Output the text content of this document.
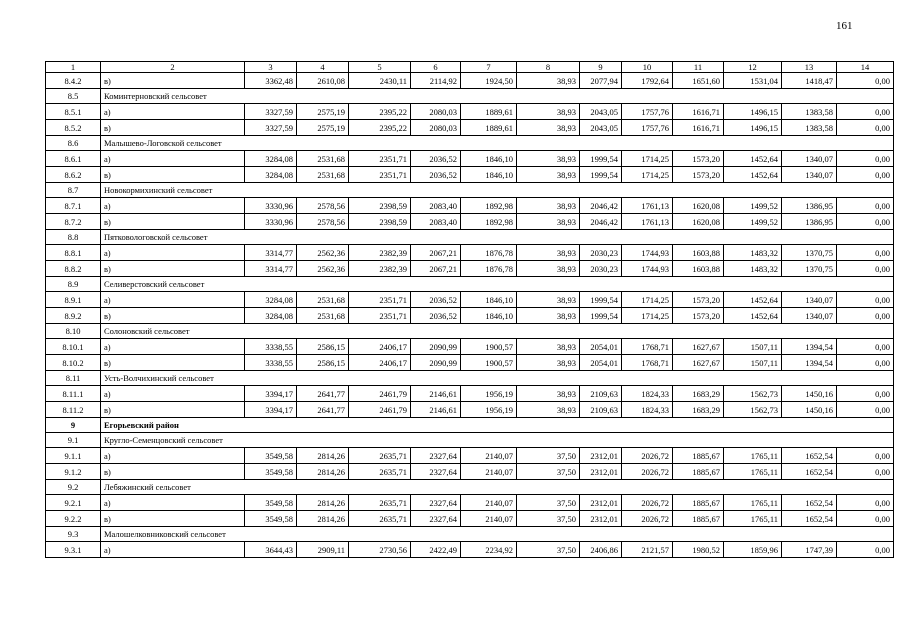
161
1	2	3	4	5	6	7	8	9	10	11	12	13	14
8.4.2	в)	3362,48	2610,08	2430,11	2114,92	1924,50	38,93	2077,94	1792,64	1651,60	1531,04	1418,47	0,00
8.5	Коминтерновский сельсовет												
8.5.1	а)	3327,59	2575,19	2395,22	2080,03	1889,61	38,93	2043,05	1757,76	1616,71	1496,15	1383,58	0,00
8.5.2	в)	3327,59	2575,19	2395,22	2080,03	1889,61	38,93	2043,05	1757,76	1616,71	1496,15	1383,58	0,00
8.6	Малышево-Логовской сельсовет												
8.6.1	а)	3284,08	2531,68	2351,71	2036,52	1846,10	38,93	1999,54	1714,25	1573,20	1452,64	1340,07	0,00
8.6.2	в)	3284,08	2531,68	2351,71	2036,52	1846,10	38,93	1999,54	1714,25	1573,20	1452,64	1340,07	0,00
8.7	Новокормихинский сельсовет												
8.7.1	а)	3330,96	2578,56	2398,59	2083,40	1892,98	38,93	2046,42	1761,13	1620,08	1499,52	1386,95	0,00
8.7.2	в)	3330,96	2578,56	2398,59	2083,40	1892,98	38,93	2046,42	1761,13	1620,08	1499,52	1386,95	0,00
8.8	Пятковологовской сельсовет												
8.8.1	а)	3314,77	2562,36	2382,39	2067,21	1876,78	38,93	2030,23	1744,93	1603,88	1483,32	1370,75	0,00
8.8.2	в)	3314,77	2562,36	2382,39	2067,21	1876,78	38,93	2030,23	1744,93	1603,88	1483,32	1370,75	0,00
8.9	Селиверстовский сельсовет												
8.9.1	а)	3284,08	2531,68	2351,71	2036,52	1846,10	38,93	1999,54	1714,25	1573,20	1452,64	1340,07	0,00
8.9.2	в)	3284,08	2531,68	2351,71	2036,52	1846,10	38,93	1999,54	1714,25	1573,20	1452,64	1340,07	0,00
8.10	Солоновский сельсовет												
8.10.1	а)	3338,55	2586,15	2406,17	2090,99	1900,57	38,93	2054,01	1768,71	1627,67	1507,11	1394,54	0,00
8.10.2	в)	3338,55	2586,15	2406,17	2090,99	1900,57	38,93	2054,01	1768,71	1627,67	1507,11	1394,54	0,00
8.11	Усть-Волчихинский сельсовет												
8.11.1	а)	3394,17	2641,77	2461,79	2146,61	1956,19	38,93	2109,63	1824,33	1683,29	1562,73	1450,16	0,00
8.11.2	в)	3394,17	2641,77	2461,79	2146,61	1956,19	38,93	2109,63	1824,33	1683,29	1562,73	1450,16	0,00
9	Егорьевский район												
9.1	Кругло-Семенцовский сельсовет												
9.1.1	а)	3549,58	2814,26	2635,71	2327,64	2140,07	37,50	2312,01	2026,72	1885,67	1765,11	1652,54	0,00
9.1.2	в)	3549,58	2814,26	2635,71	2327,64	2140,07	37,50	2312,01	2026,72	1885,67	1765,11	1652,54	0,00
9.2	Лебяжинский сельсовет												
9.2.1	а)	3549,58	2814,26	2635,71	2327,64	2140,07	37,50	2312,01	2026,72	1885,67	1765,11	1652,54	0,00
9.2.2	в)	3549,58	2814,26	2635,71	2327,64	2140,07	37,50	2312,01	2026,72	1885,67	1765,11	1652,54	0,00
9.3	Малошелковниковский сельсовет												
9.3.1	а)	3644,43	2909,11	2730,56	2422,49	2234,92	37,50	2406,86	2121,57	1980,52	1859,96	1747,39	0,00
